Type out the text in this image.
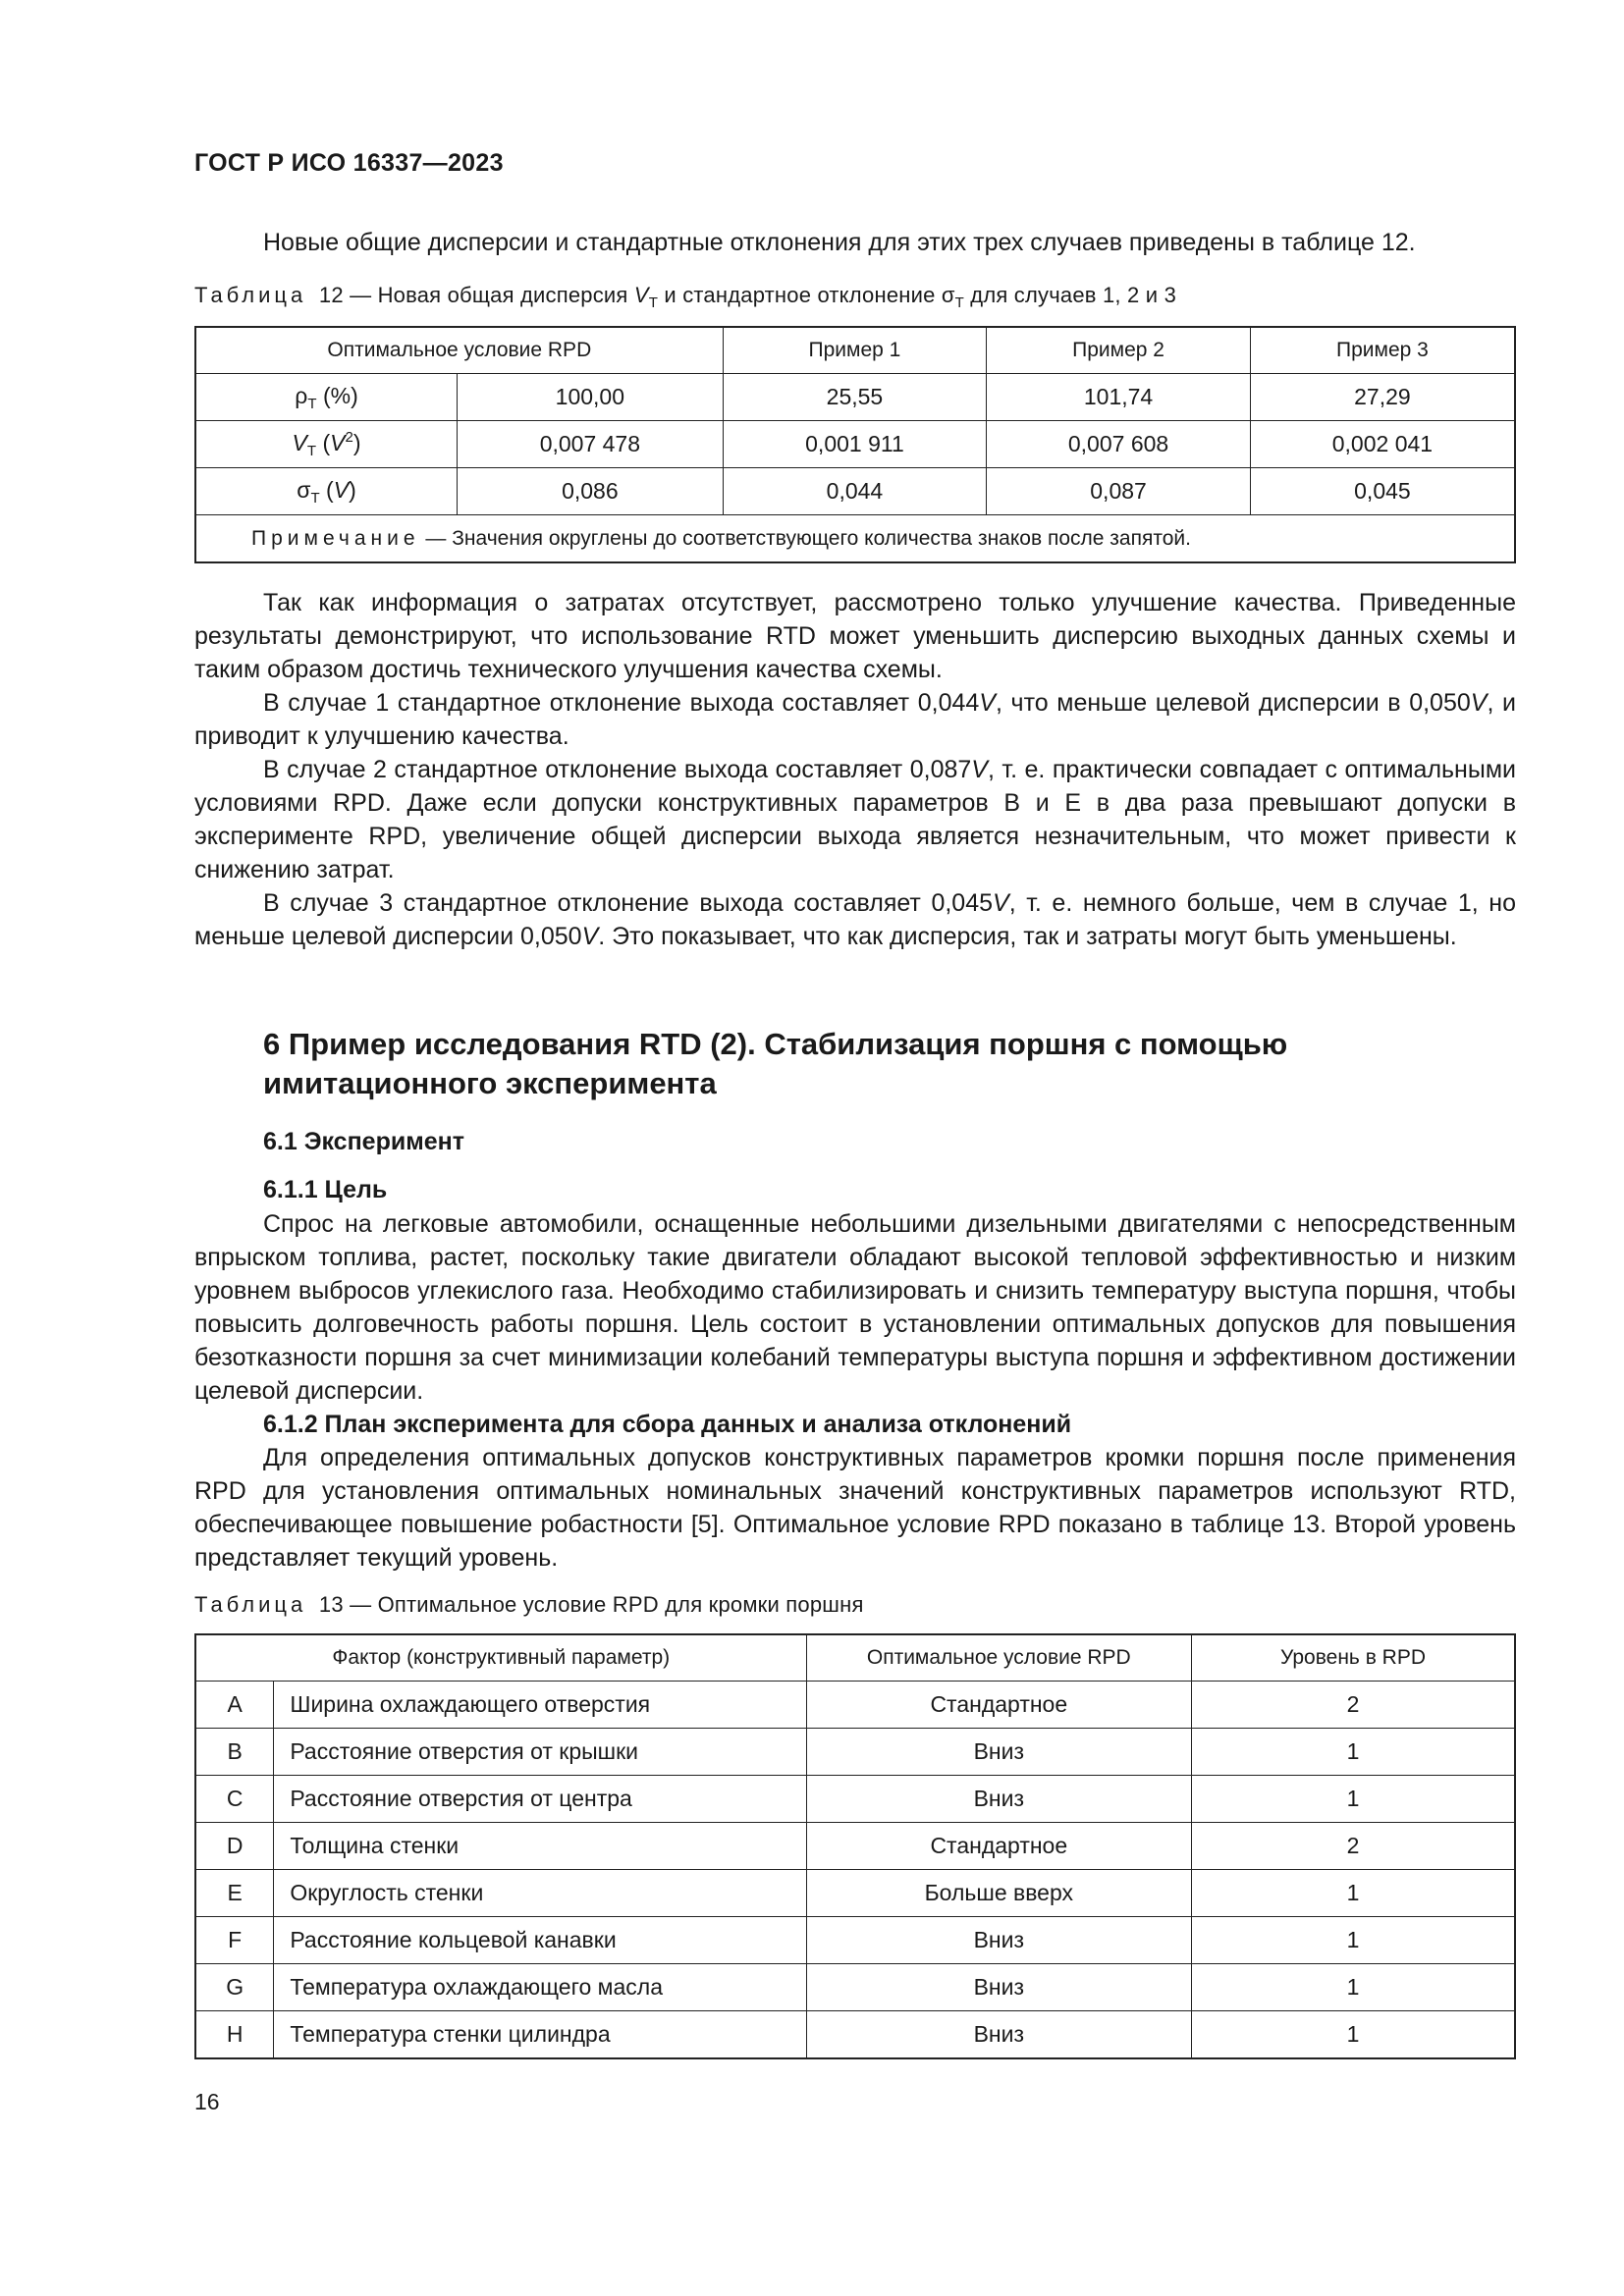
ГОСТ Р ИСО 16337—2023

Новые общие дисперсии и стандартные отклонения для этих трех случаев приведены в таблице 12.

Таблица 12 — Новая общая дисперсия $V_T$ и стандартное отклонение $\sigma_T$ для случаев 1, 2 и 3
Оптимальное условие RPD		Пример 1	Пример 2	Пример 3
$\rho_T$ (%)	100,00	25,55	101,74	27,29
$V_T$ $(V^2)$	0,007 478	0,001 911	0,007 608	0,002 041
$\sigma_T$ (V)	0,086	0,044	0,087	0,045
Примечание — Значения округлены до соответствующего количества знаков после запятой.				

Так как информация о затратах отсутствует, рассмотрено только улучшение качества. Приведенные результаты демонстрируют, что использование RTD может уменьшить дисперсию выходных данных схемы и таким образом достичь технического улучшения качества схемы.

В случае 1 стандартное отклонение выхода составляет 0,044V, что меньше целевой дисперсии в 0,050V, и приводит к улучшению качества.

В случае 2 стандартное отклонение выхода составляет 0,087V, т. е. практически совпадает с оптимальными условиями RPD. Даже если допуски конструктивных параметров В и Е в два раза превышают допуски в эксперименте RPD, увеличение общей дисперсии выхода является незначительным, что может привести к снижению затрат.

В случае 3 стандартное отклонение выхода составляет 0,045V, т. е. немного больше, чем в случае 1, но меньше целевой дисперсии 0,050V. Это показывает, что как дисперсия, так и затраты могут быть уменьшены.

6 Пример исследования RTD (2). Стабилизация поршня с помощью имитационного эксперимента
6.1 Эксперимент
6.1.1 Цель

Спрос на легковые автомобили, оснащенные небольшими дизельными двигателями с непосредственным впрыском топлива, растет, поскольку такие двигатели обладают высокой тепловой эффективностью и низким уровнем выбросов углекислого газа. Необходимо стабилизировать и снизить температуру выступа поршня, чтобы повысить долговечность работы поршня. Цель состоит в установлении оптимальных допусков для повышения безотказности поршня за счет минимизации колебаний температуры выступа поршня и эффективном достижении целевой дисперсии.

6.1.2 План эксперимента для сбора данных и анализа отклонений

Для определения оптимальных допусков конструктивных параметров кромки поршня после применения RPD для установления оптимальных номинальных значений конструктивных параметров используют RTD, обеспечивающее повышение робастности [5]. Оптимальное условие RPD показано в таблице 13. Второй уровень представляет текущий уровень.

Таблица 13 — Оптимальное условие RPD для кромки поршня
Фактор (конструктивный параметр)		Оптимальное условие RPD	Уровень в RPD
A	Ширина охлаждающего отверстия	Стандартное	2
B	Расстояние отверстия от крышки	Вниз	1
C	Расстояние отверстия от центра	Вниз	1
D	Толщина стенки	Стандартное	2
E	Округлость стенки	Больше вверх	1
F	Расстояние кольцевой канавки	Вниз	1
G	Температура охлаждающего масла	Вниз	1
H	Температура стенки цилиндра	Вниз	1
16
